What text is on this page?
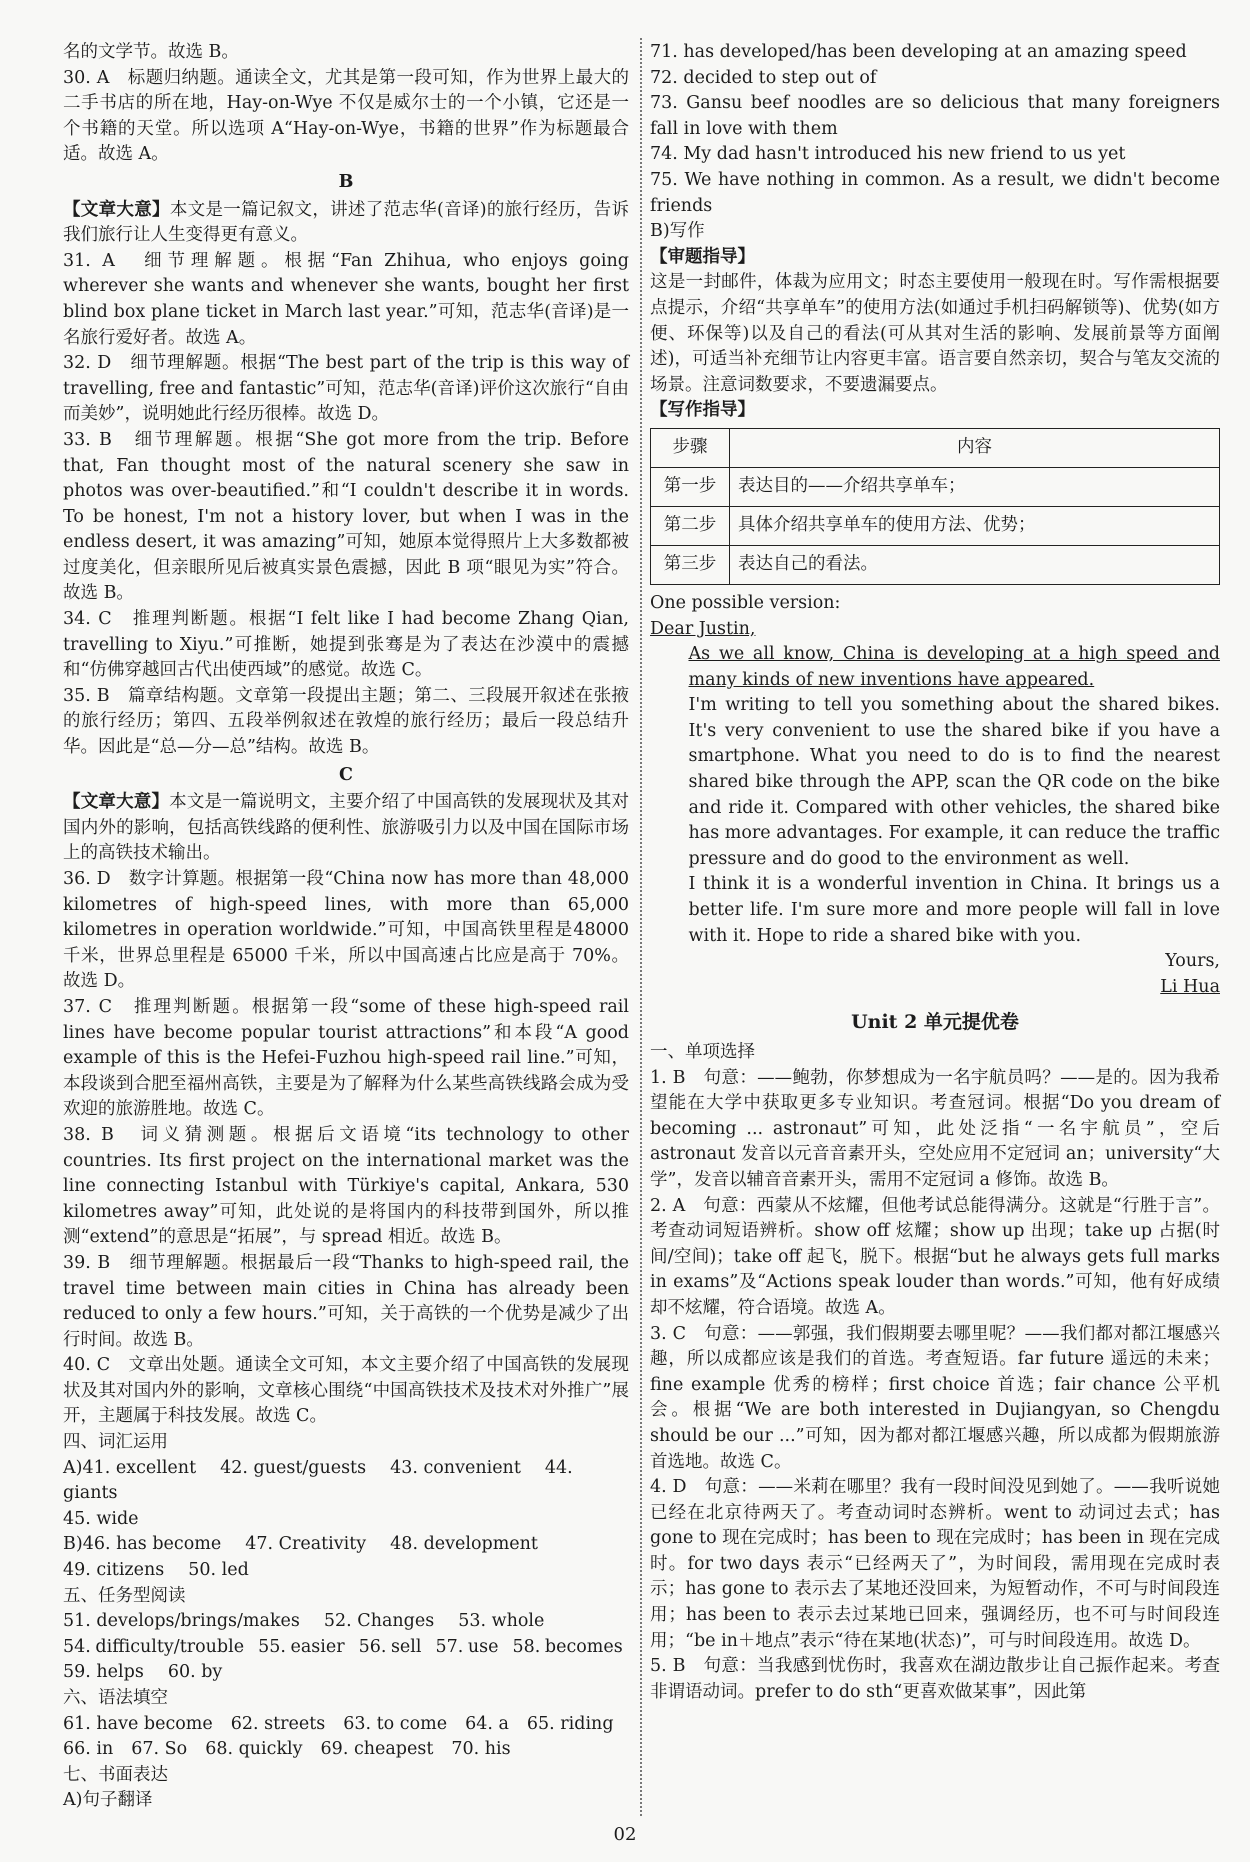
名的文学节。故选 B。

30. A　标题归纳题。通读全文，尤其是第一段可知，作为世界上最大的二手书店的所在地，Hay-on-Wye 不仅是威尔士的一个小镇，它还是一个书籍的天堂。所以选项 A“Hay-on-Wye，书籍的世界”作为标题最合适。故选 A。

B

【文章大意】本文是一篇记叙文，讲述了范志华(音译)的旅行经历，告诉我们旅行让人生变得更有意义。

31. A　细节理解题。根据“Fan Zhihua, who enjoys going wherever she wants and whenever she wants, bought her first blind box plane ticket in March last year.”可知，范志华(音译)是一名旅行爱好者。故选 A。

32. D　细节理解题。根据“The best part of the trip is this way of travelling, free and fantastic”可知，范志华(音译)评价这次旅行“自由而美妙”，说明她此行经历很棒。故选 D。

33. B　细节理解题。根据“She got more from the trip. Before that, Fan thought most of the natural scenery she saw in photos was over-beautified.”和“I couldn't describe it in words. To be honest, I'm not a history lover, but when I was in the endless desert, it was amazing”可知，她原本觉得照片上大多数都被过度美化，但亲眼所见后被真实景色震撼，因此 B 项“眼见为实”符合。故选 B。

34. C　推理判断题。根据“I felt like I had become Zhang Qian, travelling to Xiyu.”可推断，她提到张骞是为了表达在沙漠中的震撼和“仿佛穿越回古代出使西域”的感觉。故选 C。

35. B　篇章结构题。文章第一段提出主题；第二、三段展开叙述在张掖的旅行经历；第四、五段举例叙述在敦煌的旅行经历；最后一段总结升华。因此是“总—分—总”结构。故选 B。

C

【文章大意】本文是一篇说明文，主要介绍了中国高铁的发展现状及其对国内外的影响，包括高铁线路的便利性、旅游吸引力以及中国在国际市场上的高铁技术输出。

36. D　数字计算题。根据第一段“China now has more than 48,000 kilometres of high-speed lines, with more than 65,000 kilometres in operation worldwide.”可知，中国高铁里程是48000 千米，世界总里程是 65000 千米，所以中国高速占比应是高于 70%。故选 D。

37. C　推理判断题。根据第一段“some of these high-speed rail lines have become popular tourist attractions”和本段“A good example of this is the Hefei-Fuzhou high-speed rail line.”可知，本段谈到合肥至福州高铁，主要是为了解释为什么某些高铁线路会成为受欢迎的旅游胜地。故选 C。

38. B　词义猜测题。根据后文语境“its technology to other countries. Its first project on the international market was the line connecting Istanbul with Türkiye's capital, Ankara, 530 kilometres away”可知，此处说的是将国内的科技带到国外，所以推测“extend”的意思是“拓展”，与 spread 相近。故选 B。

39. B　细节理解题。根据最后一段“Thanks to high-speed rail, the travel time between main cities in China has already been reduced to only a few hours.”可知，关于高铁的一个优势是减少了出行时间。故选 B。

40. C　文章出处题。通读全文可知，本文主要介绍了中国高铁的发展现状及其对国内外的影响，文章核心围绕“中国高铁技术及技术对外推广”展开，主题属于科技发展。故选 C。

四、词汇运用

A)41. excellent 42. guest/guests 43. convenient 44. giants

45. wide

B)46. has become 47. Creativity 48. development

49. citizens 50. led

五、任务型阅读

51. develops/brings/makes 52. Changes 53. whole

54. difficulty/trouble 55. easier 56. sell 57. use 58. becomes

59. helps 60. by

六、语法填空

61. have become 62. streets 63. to come 64. a 65. riding

66. in 67. So 68. quickly 69. cheapest 70. his

七、书面表达

A)句子翻译

71. has developed/has been developing at an amazing speed

72. decided to step out of

73. Gansu beef noodles are so delicious that many foreigners fall in love with them

74. My dad hasn't introduced his new friend to us yet

75. We have nothing in common. As a result, we didn't become friends

B)写作

【审题指导】

这是一封邮件，体裁为应用文；时态主要使用一般现在时。写作需根据要点提示，介绍“共享单车”的使用方法(如通过手机扫码解锁等)、优势(如方便、环保等)以及自己的看法(可从其对生活的影响、发展前景等方面阐述)，可适当补充细节让内容更丰富。语言要自然亲切，契合与笔友交流的场景。注意词数要求，不要遗漏要点。

【写作指导】

步骤	内容
第一步	表达目的——介绍共享单车；
第二步	具体介绍共享单车的使用方法、优势；
第三步	表达自己的看法。

One possible version:

Dear Justin,

As we all know, China is developing at a high speed and many kinds of new inventions have appeared.

I'm writing to tell you something about the shared bikes. It's very convenient to use the shared bike if you have a smartphone. What you need to do is to find the nearest shared bike through the APP, scan the QR code on the bike and ride it. Compared with other vehicles, the shared bike has more advantages. For example, it can reduce the traffic pressure and do good to the environment as well.

I think it is a wonderful invention in China. It brings us a better life. I'm sure more and more people will fall in love with it. Hope to ride a shared bike with you.

Yours,

Li Hua

Unit 2 单元提优卷

一、单项选择

1. B　句意：——鲍勃，你梦想成为一名宇航员吗？——是的。因为我希望能在大学中获取更多专业知识。考查冠词。根据“Do you dream of becoming ... astronaut”可知，此处泛指“一名宇航员”，空后 astronaut 发音以元音音素开头，空处应用不定冠词 an；university“大学”，发音以辅音音素开头，需用不定冠词 a 修饰。故选 B。

2. A　句意：西蒙从不炫耀，但他考试总能得满分。这就是“行胜于言”。考查动词短语辨析。show off 炫耀；show up 出现；take up 占据(时间/空间)；take off 起飞，脱下。根据“but he always gets full marks in exams”及“Actions speak louder than words.”可知，他有好成绩却不炫耀，符合语境。故选 A。

3. C　句意：——郭强，我们假期要去哪里呢？——我们都对都江堰感兴趣，所以成都应该是我们的首选。考查短语。far future 遥远的未来；fine example 优秀的榜样；first choice 首选；fair chance 公平机会。根据“We are both interested in Dujiangyan, so Chengdu should be our ...”可知，因为都对都江堰感兴趣，所以成都为假期旅游首选地。故选 C。

4. D　句意：——米莉在哪里？我有一段时间没见到她了。——我听说她已经在北京待两天了。考查动词时态辨析。went to 动词过去式；has gone to 现在完成时；has been to 现在完成时；has been in 现在完成时。for two days 表示“已经两天了”，为时间段，需用现在完成时表示；has gone to 表示去了某地还没回来，为短暂动作，不可与时间段连用；has been to 表示去过某地已回来，强调经历，也不可与时间段连用；“be in＋地点”表示“待在某地(状态)”，可与时间段连用。故选 D。

5. B　句意：当我感到忧伤时，我喜欢在湖边散步让自己振作起来。考查非谓语动词。prefer to do sth“更喜欢做某事”，因此第

02
